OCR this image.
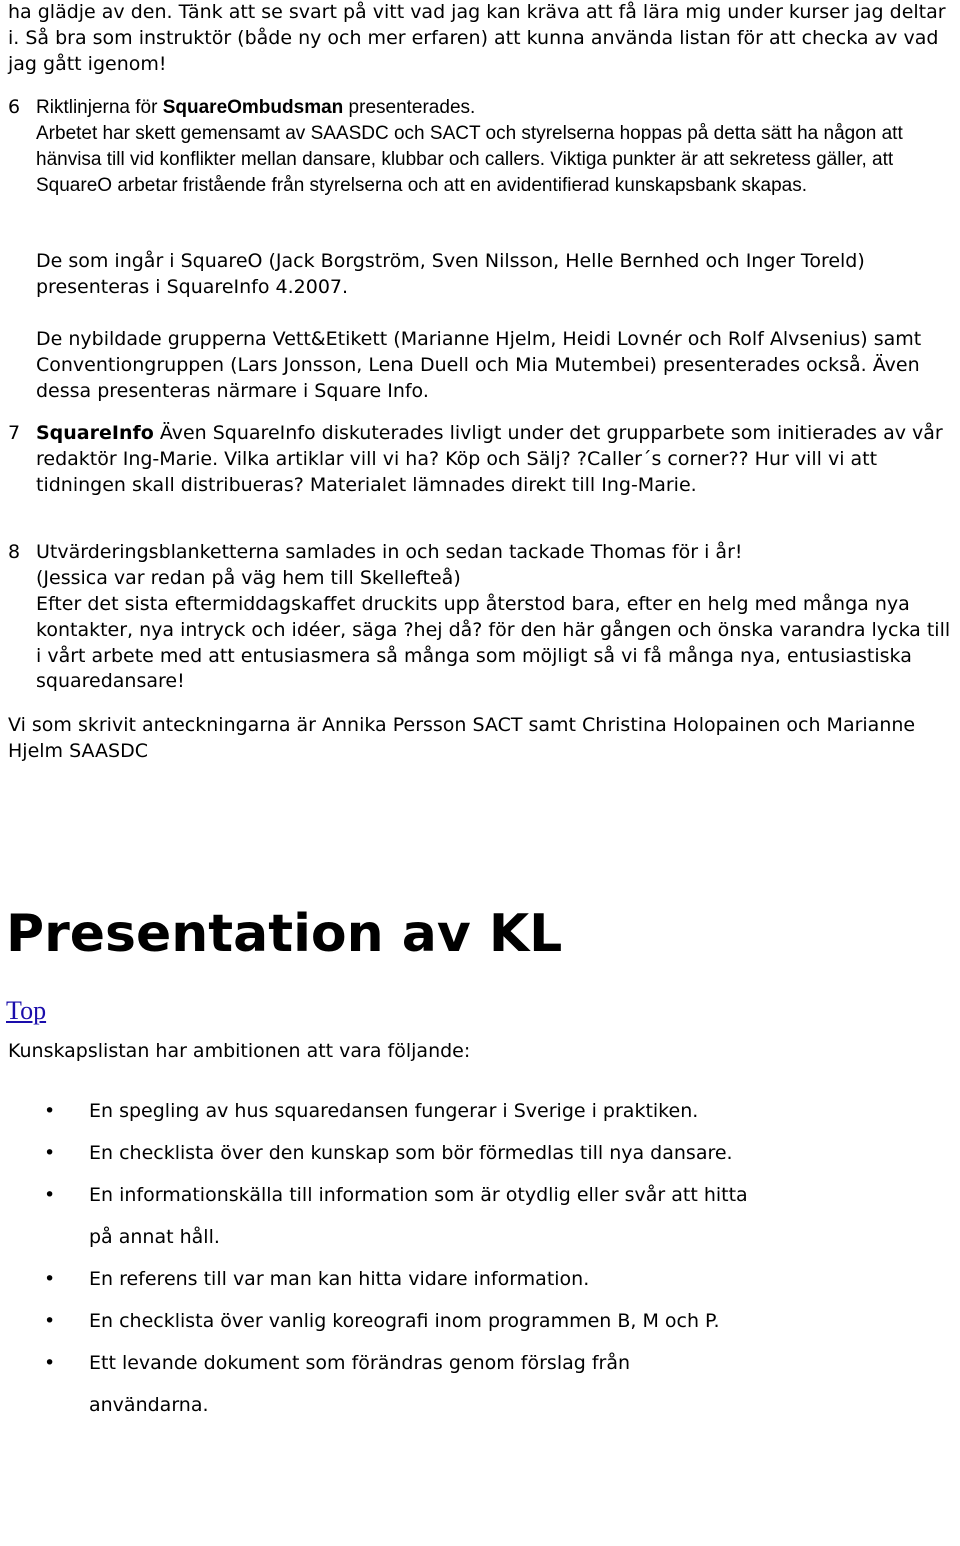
ha glädje av den. Tänk att se svart på vitt vad jag kan kräva att få lära mig under kurser jag deltar i. Så bra som instruktör (både ny och mer erfaren) att kunna använda listan för att checka av vad jag gått igenom!

6 Riktlinjerna för SquareOmbudsman presenterades.

Arbetet har skett gemensamt av SAASDC och SACT och styrelserna hoppas på detta sätt ha någon att hänvisa till vid konflikter mellan dansare, klubbar och callers. Viktiga punkter är att sekretess gäller, att SquareO arbetar fristående från styrelserna och att en avidentifierad kunskapsbank skapas.

De som ingår i SquareO (Jack Borgström, Sven Nilsson, Helle Bernhed och Inger Toreld) presenteras i SquareInfo 4.2007.

De nybildade grupperna Vett&Etikett (Marianne Hjelm, Heidi Lovnér och Rolf Alvsenius) samt Conventiongruppen (Lars Jonsson, Lena Duell och Mia Mutembei) presenterades också. Även dessa presenteras närmare i Square Info.

7 SquareInfo Även SquareInfo diskuterades livligt under det grupparbete som initierades av vår redaktör Ing-Marie. Vilka artiklar vill vi ha? Köp och Sälj? ?Caller´s corner?? Hur vill vi att tidningen skall distribueras? Materialet lämnades direkt till Ing-Marie.

8 Utvärderingsblanketterna samlades in och sedan tackade Thomas för i år!

(Jessica var redan på väg hem till Skellefteå)

Efter det sista eftermiddagskaffet druckits upp återstod bara, efter en helg med många nya kontakter, nya intryck och idéer, säga ?hej då? för den här gången och önska varandra lycka till i vårt arbete med att entusiasmera så många som möjligt så vi få många nya, entusiastiska squaredansare!

Vi som skrivit anteckningarna är Annika Persson SACT samt Christina Holopainen och Marianne Hjelm SAASDC

Presentation av KL
Top

Kunskapslistan har ambitionen att vara följande:

• En spegling av hus squaredansen fungerar i Sverige i praktiken.
• En checklista över den kunskap som bör förmedlas till nya dansare.
• En informationskälla till information som är otydlig eller svår att hitta på annat håll.
• En referens till var man kan hitta vidare information.
• En checklista över vanlig koreografi inom programmen B, M och P.
• Ett levande dokument som förändras genom förslag från användarna.
